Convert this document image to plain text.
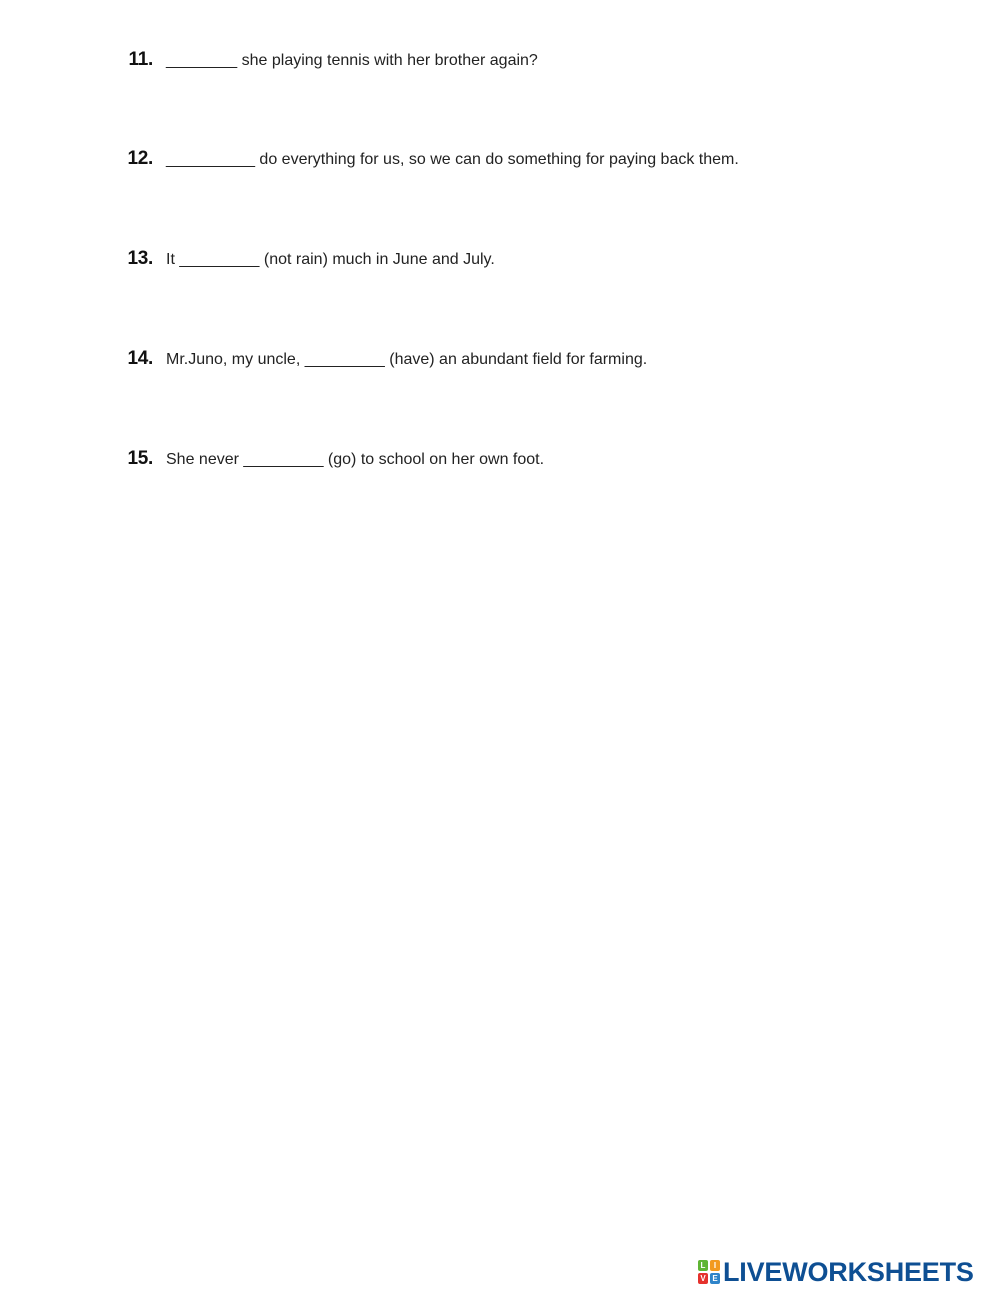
11. ________ she playing tennis with her brother again?
12. __________ do everything for us, so we can do something for paying back them.
13. It _________ (not rain) much in June and July.
14. Mr.Juno, my uncle, _________ (have) an abundant field for farming.
15. She never _________ (go) to school on her own foot.
L	I
V E LIVEWORKSHEETS
